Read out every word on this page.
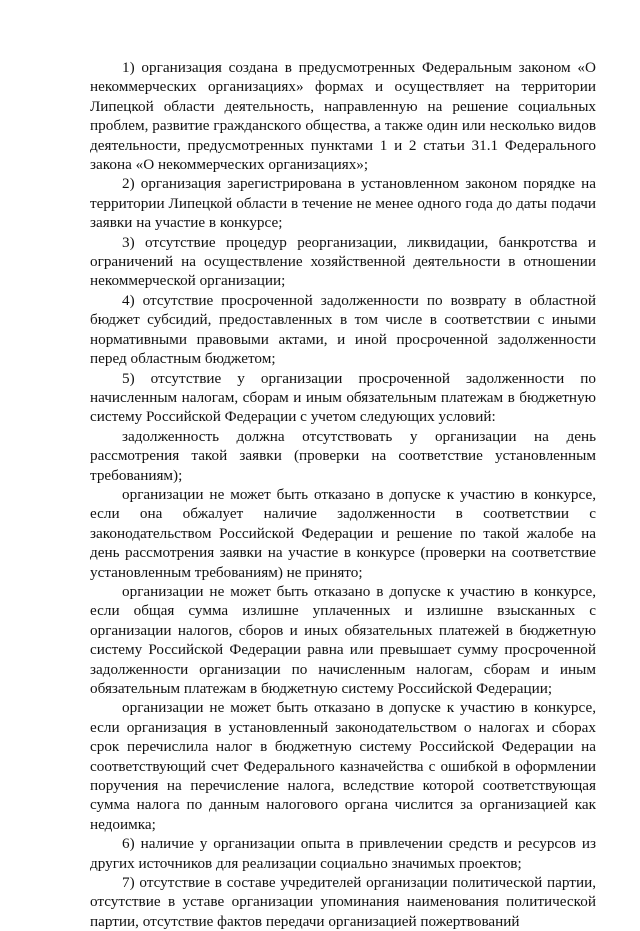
1) организация создана в предусмотренных Федеральным законом «О некоммерческих организациях» формах и осуществляет на территории Липецкой области деятельность, направленную на решение социальных проблем, развитие гражданского общества, а также один или несколько видов деятельности, предусмотренных пунктами 1 и 2 статьи 31.1 Федерального закона «О некоммерческих организациях»;

2) организация зарегистрирована в установленном законом порядке на территории Липецкой области в течение не менее одного года до даты подачи заявки на участие в конкурсе;

3) отсутствие процедур реорганизации, ликвидации, банкротства и ограничений на осуществление хозяйственной деятельности в отношении некоммерческой организации;

4) отсутствие просроченной задолженности по возврату в областной бюджет субсидий, предоставленных в том числе в соответствии с иными нормативными правовыми актами, и иной просроченной задолженности перед областным бюджетом;

5) отсутствие у организации просроченной задолженности по начисленным налогам, сборам и иным обязательным платежам в бюджетную систему Российской Федерации с учетом следующих условий:

задолженность должна отсутствовать у организации на день рассмотрения такой заявки (проверки на соответствие установленным требованиям);

организации не может быть отказано в допуске к участию в конкурсе, если она обжалует наличие задолженности в соответствии с законодательством Российской Федерации и решение по такой жалобе на день рассмотрения заявки на участие в конкурсе (проверки на соответствие установленным требованиям) не принято;

организации не может быть отказано в допуске к участию в конкурсе, если общая сумма излишне уплаченных и излишне взысканных с организации налогов, сборов и иных обязательных платежей в бюджетную систему Российской Федерации равна или превышает сумму просроченной задолженности организации по начисленным налогам, сборам и иным обязательным платежам в бюджетную систему Российской Федерации;

организации не может быть отказано в допуске к участию в конкурсе, если организация в установленный законодательством о налогах и сборах срок перечислила налог в бюджетную систему Российской Федерации на соответствующий счет Федерального казначейства с ошибкой в оформлении поручения на перечисление налога, вследствие которой соответствующая сумма налога по данным налогового органа числится за организацией как недоимка;

6) наличие у организации опыта в привлечении средств и ресурсов из других источников для реализации социально значимых проектов;

7) отсутствие в составе учредителей организации политической партии, отсутствие в уставе организации упоминания наименования политической партии, отсутствие фактов передачи организацией пожертвований
